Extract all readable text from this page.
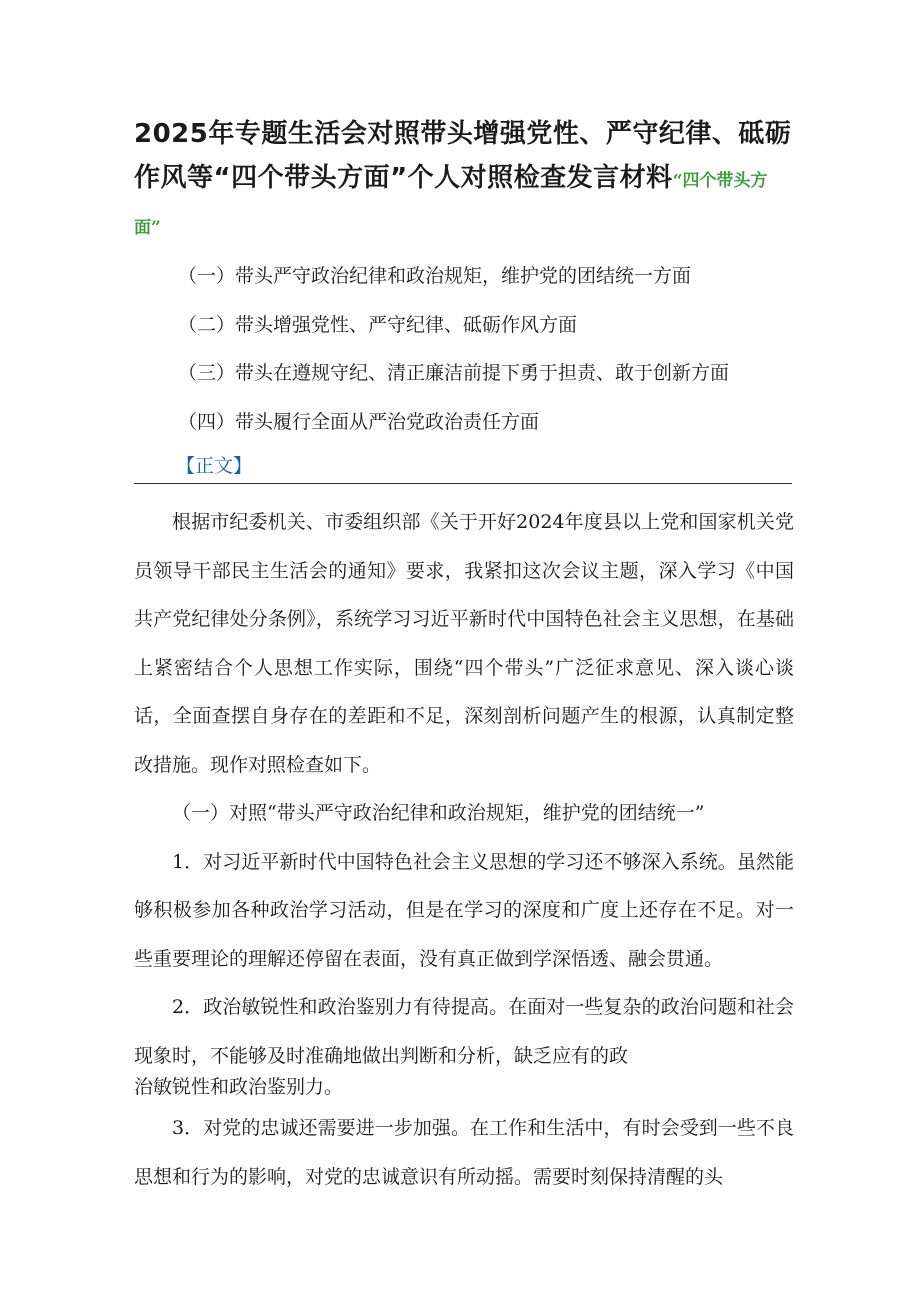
2025年专题生活会对照带头增强党性、严守纪律、砥砺作风等“四个带头方面”个人对照检查发言材料“四个带头方面”
（一）带头严守政治纪律和政治规矩，维护党的团结统一方面
（二）带头增强党性、严守纪律、砥砺作风方面
（三）带头在遵规守纪、清正廉洁前提下勇于担责、敢于创新方面
（四）带头履行全面从严治党政治责任方面
【正文】

根据市纪委机关、市委组织部《关于开好2024年度县以上党和国家机关党员领导干部民主生活会的通知》要求，我紧扣这次会议主题，深入学习《中国共产党纪律处分条例》，系统学习习近平新时代中国特色社会主义思想，在基础上紧密结合个人思想工作实际，围绕“四个带头”广泛征求意见、深入谈心谈话，全面查摆自身存在的差距和不足，深刻剖析问题产生的根源，认真制定整改措施。现作对照检查如下。

（一）对照“带头严守政治纪律和政治规矩，维护党的团结统一”

1．对习近平新时代中国特色社会主义思想的学习还不够深入系统。虽然能够积极参加各种政治学习活动，但是在学习的深度和广度上还存在不足。对一些重要理论的理解还停留在表面，没有真正做到学深悟透、融会贯通。

2．政治敏锐性和政治鉴别力有待提高。在面对一些复杂的政治问题和社会现象时，不能够及时准确地做出判断和分析，缺乏应有的政
治敏锐性和政治鉴别力。

3．对党的忠诚还需要进一步加强。在工作和生活中，有时会受到一些不良思想和行为的影响，对党的忠诚意识有所动摇。需要时刻保持清醒的头
